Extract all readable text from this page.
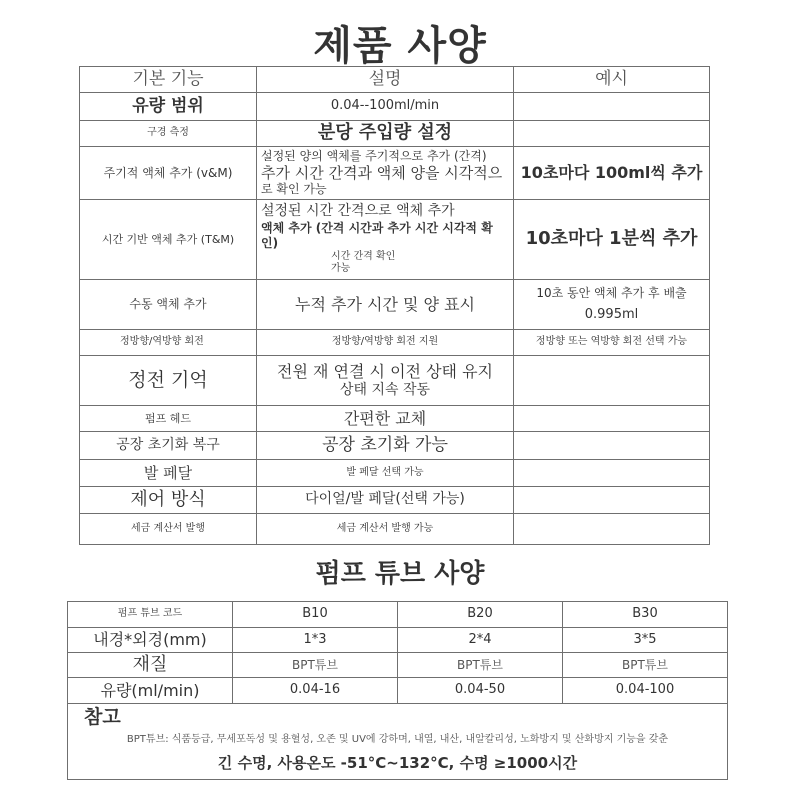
제품 사양
기본 기능	설명	예시
유량 범위	0.04--100ml/min	

구경 측정	분당 주입량 설정	

주기적 액체 추가 (v&M)	설정된 양의 액체를 주기적으로 추가 (간격)
추가 시간 간격과 액체 양을 시각적으
로 확인 가능	10초마다 100ml씩 추가

시간 기반 액체 추가 (T&M)	설정된 시간 간격으로 액체 추가
액체 추가 (간격 시간과 추가 시간 시각적 확인)
시간 간격 확인
가능	10초마다 1분씩 추가

수동 액체 추가	누적 추가 시간 및 양 표시	10초 동안 액체 추가 후 배출
0.995ml

정방향/역방향 회전	정방향/역방향 회전 지원	정방향 또는 역방향 회전 선택 가능

정전 기억	전원 재 연결 시 이전 상태 유지
상태 지속 작동	

펌프 헤드	간편한 교체	

공장 초기화 복구	공장 초기화 가능	

발 페달	발 페달 선택 가능	

제어 방식	다이얼/발 페달(선택 가능)	

세금 계산서 발행	세금 계산서 발행 가능	

펌프 튜브 사양
펌프 튜브 코드	B10	B20	B30
내경*외경(mm)	1*3	2*4	3*5
재질	BPT튜브	BPT튜브	BPT튜브
유량(ml/min)	0.04-16	0.04-50	0.04-100

참고
BPT튜브: 식품등급, 무세포독성 및 용혈성, 오존 및 UV에 강하며, 내열, 내산, 내알칼리성, 노화방지 및 산화방지 기능을 갖춘
긴 수명, 사용온도 -51°C~132°C, 수명 ≥1000시간			
